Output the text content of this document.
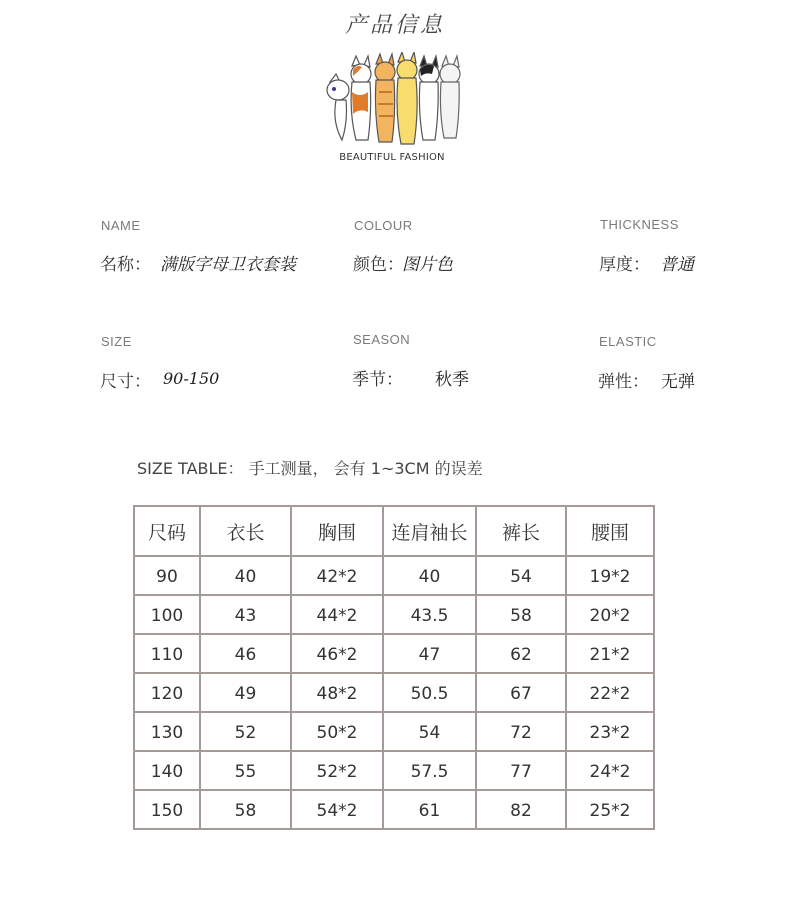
产品信息
BEAUTIFUL FASHION
NAME
名称： 满版字母卫衣套装
COLOUR
颜色：
图片色
THICKNESS
厚度： 普通
SIZE
尺寸： 90-150
SEASON
季节： 秋季
ELASTIC
弹性： 无弹
SIZE TABLE： 手工测量， 会有 1~3CM 的误差
尺码	衣长	胸围	连肩袖长	裤长	腰围
90	40	42*2	40	54	19*2
100	43	44*2	43.5	58	20*2
110	46	46*2	47	62	21*2
120	49	48*2	50.5	67	22*2
130	52	50*2	54	72	23*2
140	55	52*2	57.5	77	24*2
150	58	54*2	61	82	25*2
